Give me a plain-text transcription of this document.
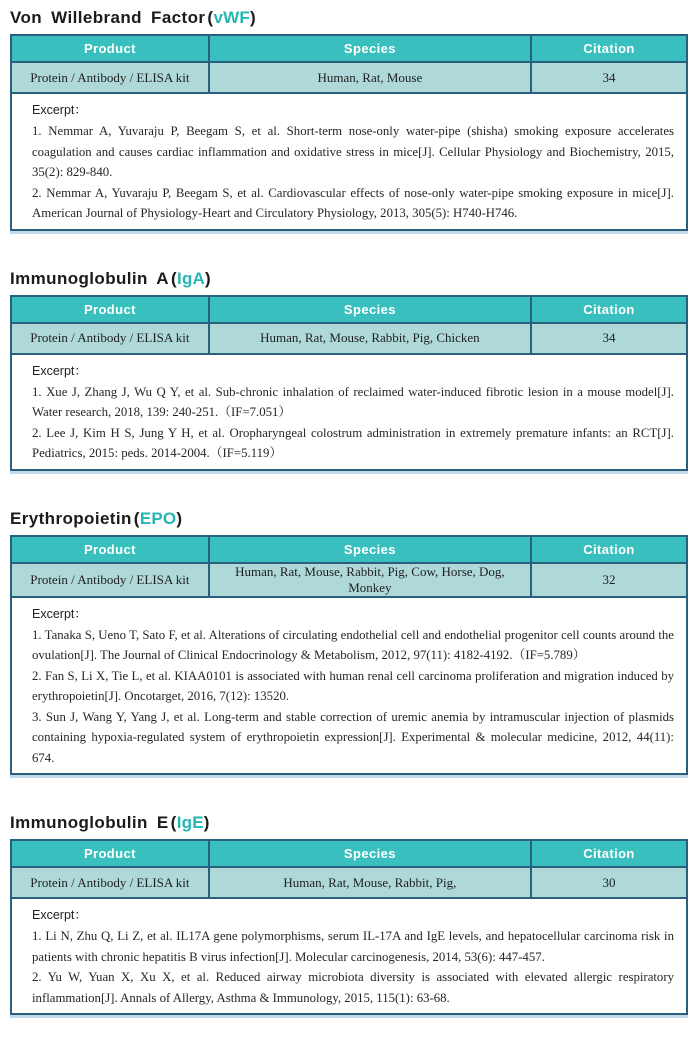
Von Willebrand Factor (vWF)
Product	Species	Citation
Protein / Antibody / ELISA kit	Human, Rat, Mouse	34
Excerpt：

1. Nemmar A, Yuvaraju P, Beegam S, et al. Short-term nose-only water-pipe (shisha) smoking exposure accelerates coagulation and causes cardiac inflammation and oxidative stress in mice[J]. Cellular Physiology and Biochemistry, 2015, 35(2): 829-840.

2. Nemmar A, Yuvaraju P, Beegam S, et al. Cardiovascular effects of nose-only water-pipe smoking exposure in mice[J]. American Journal of Physiology-Heart and Circulatory Physiology, 2013, 305(5): H740-H746.

Immunoglobulin A (IgA)
Product	Species	Citation
Protein / Antibody / ELISA kit	Human, Rat, Mouse, Rabbit, Pig, Chicken	34
Excerpt：

1. Xue J, Zhang J, Wu Q Y, et al. Sub-chronic inhalation of reclaimed water-induced fibrotic lesion in a mouse model[J]. Water research, 2018, 139: 240-251.（IF=7.051）

2. Lee J, Kim H S, Jung Y H, et al. Oropharyngeal colostrum administration in extremely premature infants: an RCT[J]. Pediatrics, 2015: peds. 2014-2004.（IF=5.119）

Erythropoietin (EPO)
Product	Species	Citation
Protein / Antibody / ELISA kit	Human, Rat, Mouse, Rabbit, Pig, Cow, Horse, Dog, Monkey	32
Excerpt：

1. Tanaka S, Ueno T, Sato F, et al. Alterations of circulating endothelial cell and endothelial progenitor cell counts around the ovulation[J]. The Journal of Clinical Endocrinology & Metabolism, 2012, 97(11): 4182-4192.（IF=5.789）

2. Fan S, Li X, Tie L, et al. KIAA0101 is associated with human renal cell carcinoma proliferation and migration induced by erythropoietin[J]. Oncotarget, 2016, 7(12): 13520.

3. Sun J, Wang Y, Yang J, et al. Long-term and stable correction of uremic anemia by intramuscular injection of plasmids containing hypoxia-regulated system of erythropoietin expression[J]. Experimental & molecular medicine, 2012, 44(11): 674.

Immunoglobulin E (IgE)
Product	Species	Citation
Protein / Antibody / ELISA kit	Human, Rat, Mouse, Rabbit, Pig,	30
Excerpt：

1. Li N, Zhu Q, Li Z, et al. IL17A gene polymorphisms, serum IL-17A and IgE levels, and hepatocellular carcinoma risk in patients with chronic hepatitis B virus infection[J]. Molecular carcinogenesis, 2014, 53(6): 447-457.

2. Yu W, Yuan X, Xu X, et al. Reduced airway microbiota diversity is associated with elevated allergic respiratory inflammation[J]. Annals of Allergy, Asthma & Immunology, 2015, 115(1): 63-68.
